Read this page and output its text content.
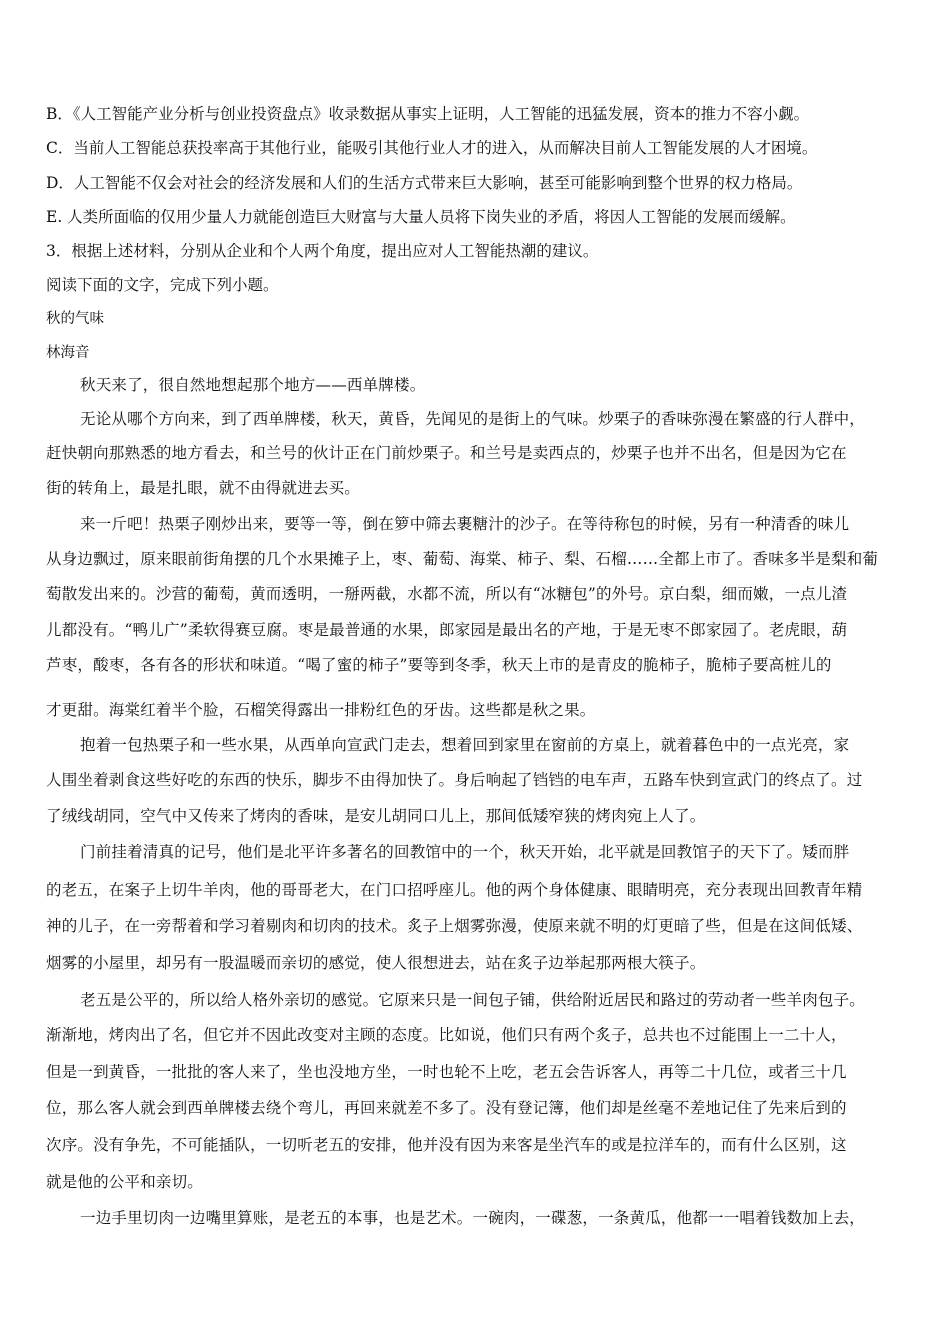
B．《人工智能产业分析与创业投资盘点》收录数据从事实上证明，人工智能的迅猛发展，资本的推力不容小觑。
C．当前人工智能总获投率高于其他行业，能吸引其他行业人才的进入，从而解决目前人工智能发展的人才困境。
D．人工智能不仅会对社会的经济发展和人们的生活方式带来巨大影响，甚至可能影响到整个世界的权力格局。
E. 人类所面临的仅用少量人力就能创造巨大财富与大量人员将下岗失业的矛盾，将因人工智能的发展而缓解。
3．根据上述材料，分别从企业和个人两个角度，提出应对人工智能热潮的建议。
阅读下面的文字，完成下列小题。
秋的气味
林海音
秋天来了，很自然地想起那个地方——西单牌楼。
无论从哪个方向来，到了西单牌楼，秋天，黄昏，先闻见的是街上的气味。炒栗子的香味弥漫在繁盛的行人群中，
赶快朝向那熟悉的地方看去，和兰号的伙计正在门前炒栗子。和兰号是卖西点的，炒栗子也并不出名，但是因为它在
街的转角上，最是扎眼，就不由得就进去买。
来一斤吧！热栗子刚炒出来，要等一等，倒在箩中筛去裹糖汁的沙子。在等待称包的时候，另有一种清香的味儿
从身边飘过，原来眼前街角摆的几个水果摊子上，枣、葡萄、海棠、柿子、梨、石榴……全都上市了。香味多半是梨和葡
萄散发出来的。沙营的葡萄，黄而透明，一掰两截，水都不流，所以有“冰糖包”的外号。京白梨，细而嫩，一点儿渣
儿都没有。“鸭儿广”柔软得赛豆腐。枣是最普通的水果，郎家园是最出名的产地，于是无枣不郎家园了。老虎眼，葫
芦枣，酸枣，各有各的形状和味道。“喝了蜜的柿子”要等到冬季，秋天上市的是青皮的脆柿子，脆柿子要高桩儿的
才更甜。海棠红着半个脸，石榴笑得露出一排粉红色的牙齿。这些都是秋之果。
抱着一包热栗子和一些水果，从西单向宣武门走去，想着回到家里在窗前的方桌上，就着暮色中的一点光亮，家
人围坐着剥食这些好吃的东西的快乐，脚步不由得加快了。身后响起了铛铛的电车声，五路车快到宣武门的终点了。过
了绒线胡同，空气中又传来了烤肉的香味，是安儿胡同口儿上，那间低矮窄狭的烤肉宛上人了。
门前挂着清真的记号，他们是北平许多著名的回教馆中的一个，秋天开始，北平就是回教馆子的天下了。矮而胖
的老五，在案子上切牛羊肉，他的哥哥老大，在门口招呼座儿。他的两个身体健康、眼睛明亮，充分表现出回教青年精
神的儿子，在一旁帮着和学习着剔肉和切肉的技术。炙子上烟雾弥漫，使原来就不明的灯更暗了些，但是在这间低矮、
烟雾的小屋里，却另有一股温暖而亲切的感觉，使人很想进去，站在炙子边举起那两根大筷子。
老五是公平的，所以给人格外亲切的感觉。它原来只是一间包子铺，供给附近居民和路过的劳动者一些羊肉包子。
渐渐地，烤肉出了名，但它并不因此改变对主顾的态度。比如说，他们只有两个炙子，总共也不过能围上一二十人，
但是一到黄昏，一批批的客人来了，坐也没地方坐，一时也轮不上吃，老五会告诉客人，再等二十几位，或者三十几
位，那么客人就会到西单牌楼去绕个弯儿，再回来就差不多了。没有登记簿，他们却是丝毫不差地记住了先来后到的
次序。没有争先，不可能插队，一切听老五的安排，他并没有因为来客是坐汽车的或是拉洋车的，而有什么区别，这
就是他的公平和亲切。
一边手里切肉一边嘴里算账，是老五的本事，也是艺术。一碗肉，一碟葱，一条黄瓜，他都一一唱着钱数加上去，
